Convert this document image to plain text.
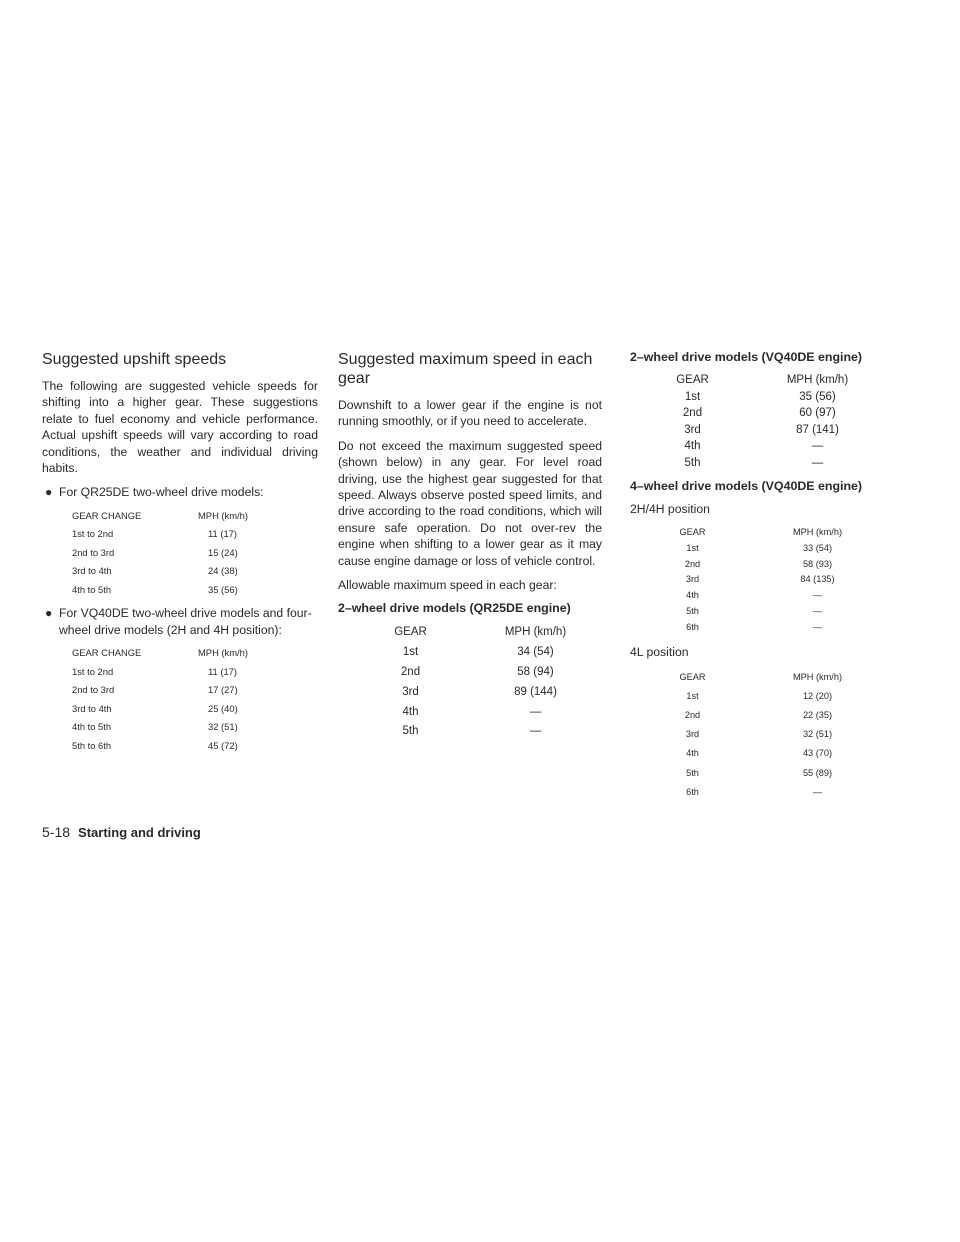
Suggested upshift speeds

The following are suggested vehicle speeds for shifting into a higher gear. These suggestions relate to fuel economy and vehicle performance. Actual upshift speeds will vary according to road conditions, the weather and individual driving habits.

● For QR25DE two-wheel drive models:
GEAR CHANGE	MPH (km/h)
1st to 2nd	11 (17)
2nd to 3rd	15 (24)
3rd to 4th	24 (38)
4th to 5th	35 (56)
● For VQ40DE two-wheel drive models and four-wheel drive models (2H and 4H position):
GEAR CHANGE	MPH (km/h)
1st to 2nd	11 (17)
2nd to 3rd	17 (27)
3rd to 4th	25 (40)
4th to 5th	32 (51)
5th to 6th	45 (72)
Suggested maximum speed in each gear

Downshift to a lower gear if the engine is not running smoothly, or if you need to accelerate.

Do not exceed the maximum suggested speed (shown below) in any gear. For level road driving, use the highest gear suggested for that speed. Always observe posted speed limits, and drive according to the road conditions, which will ensure safe operation. Do not over-rev the engine when shifting to a lower gear as it may cause engine damage or loss of vehicle control.

Allowable maximum speed in each gear:

2–wheel drive models (QR25DE engine)
GEAR	MPH (km/h)
1st	34 (54)
2nd	58 (94)
3rd	89 (144)
4th	—
5th	—
2–wheel drive models (VQ40DE engine)
GEAR	MPH (km/h)
1st	35 (56)
2nd	60 (97)
3rd	87 (141)
4th	—
5th	—
4–wheel drive models (VQ40DE engine)
2H/4H position
GEAR	MPH (km/h)
1st	33 (54)
2nd	58 (93)
3rd	84 (135)
4th	—
5th	—
6th	—
4L position
GEAR	MPH (km/h)
1st	12 (20)
2nd	22 (35)
3rd	32 (51)
4th	43 (70)
5th	55 (89)
6th	—
5-18 Starting and driving
